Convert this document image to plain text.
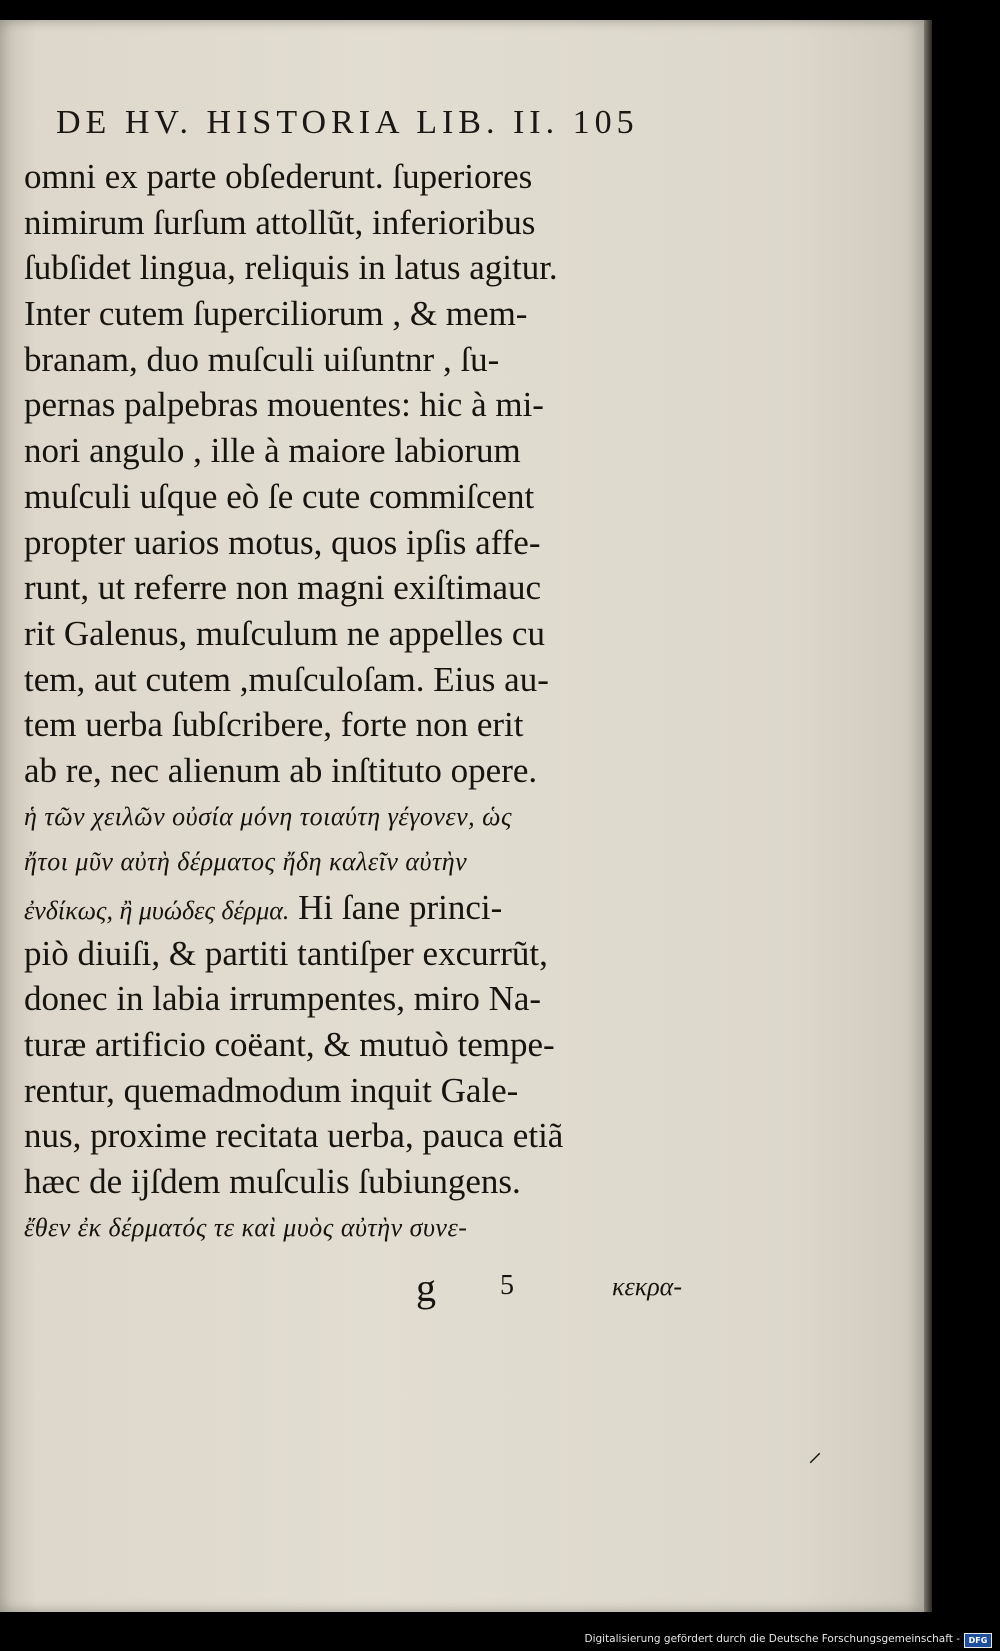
DE HV. HISTORIA LIB. II. 105
omni ex parte obſederunt. ſuperiores
nimirum ſurſum attollũt, inferioribus
ſubſidet lingua, reliquis in latus agitur.
Inter cutem ſuperciliorum , & mem-
branam, duo muſculi uiſuntnr , ſu-
pernas palpebras mouentes: hic à mi-
nori angulo , ille à maiore labiorum
muſculi uſque eò ſe cute commiſcent
propter uarios motus, quos ipſis affe-
runt, ut referre non magni exiſtimauc
rit Galenus, muſculum ne appelles cu
tem, aut cutem ,muſculoſam. Eius au-
tem uerba ſubſcribere, forte non erit
ab re, nec alienum ab inſtituto opere.
ἡ τῶν χειλῶν οὐσία μόνη τοιαύτη γέγονεν, ὡς
ἤτοι μῦν αὐτὴ δέρματος ἤδη καλεῖν αὐτὴν
ἐνδίκως, ἢ μυώδες δέρμα. Hi ſane princi-
piò diuiſi, & partiti tantiſper excurrũt,
donec in labia irrumpentes, miro Na-
turæ artificio coëant, & mutuò tempe-
rentur, quemadmodum inquit Gale-
nus, proxime recitata uerba, pauca etiã
hæc de ijſdem muſculis ſubiungens.
ἔθεν ἐκ δέρματός τε καὶ μυὸς αὐτὴν συνε-
g 5	κεκρα-
⸝
Digitalisierung gefördert durch die Deutsche Forschungsgemeinschaft -	DFG
